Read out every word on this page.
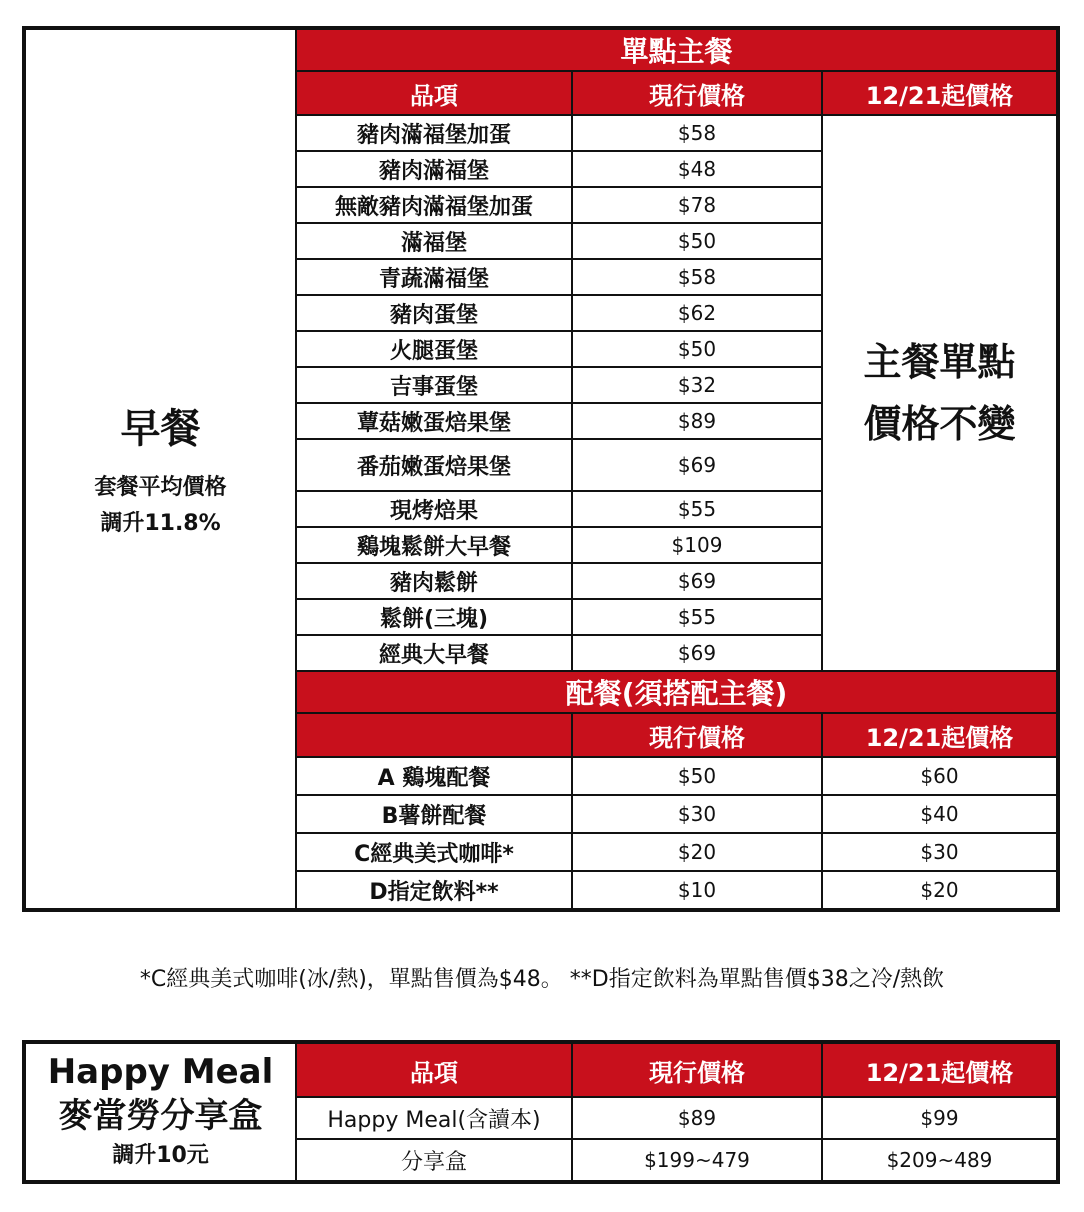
早餐
套餐平均價格
調升11.8%	單點主餐		
	品項	現行價格	12/21起價格
	豬肉滿福堡加蛋	$58	主餐單點
價格不變

	豬肉滿福堡	$48	
	無敵豬肉滿福堡加蛋	$78	
	滿福堡	$50	
	青蔬滿福堡	$58	
	豬肉蛋堡	$62	
	火腿蛋堡	$50	
	吉事蛋堡	$32	
	蕈菇嫩蛋焙果堡	$89	
	番茄嫩蛋焙果堡	$69	
	現烤焙果	$55	
	鷄塊鬆餅大早餐	$109	
	豬肉鬆餅	$69	
	鬆餅(三塊)	$55	
	經典大早餐	$69	
	配餐(須搭配主餐)		
		現行價格	12/21起價格
	A 鷄塊配餐	$50	$60
	B薯餅配餐	$30	$40
	C經典美式咖啡*	$20	$30
	D指定飲料**	$10	$20
*C經典美式咖啡(冰/熱)，單點售價為$48。 **D指定飲料為單點售價$38之冷/熱飲
Happy Meal
麥當勞分享盒
調升10元	品項	現行價格	12/21起價格
	Happy Meal(含讀本)	$89	$99
	分享盒	$199~479	$209~489
